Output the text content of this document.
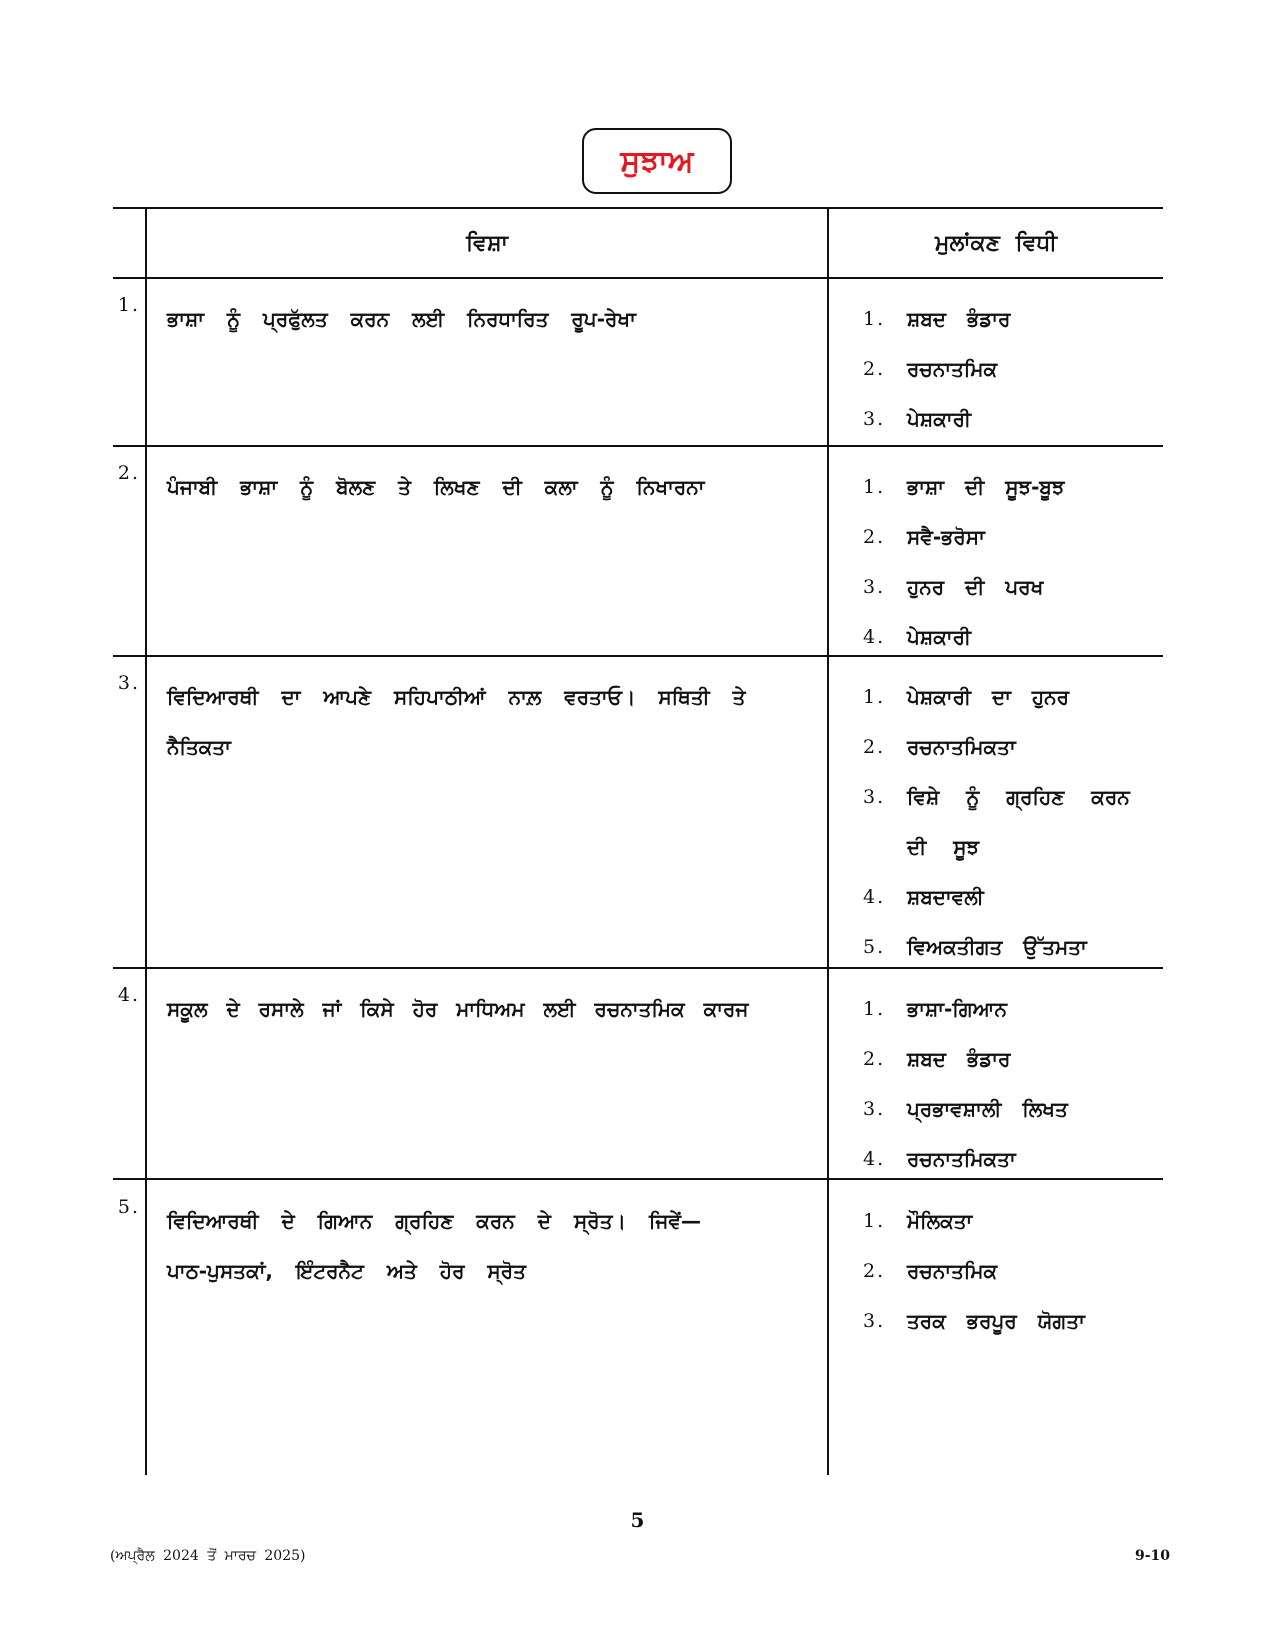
ਸੁਝਾਅ
ਵਿਸ਼ਾ	ਮੁਲਾਂਕਣ ਵਿਧੀ
1.
ਭਾਸ਼ਾ ਨੂੰ ਪ੍ਰਫੁੱਲਤ ਕਰਨ ਲਈ ਨਿਰਧਾਰਿਤ ਰੂਪ-ਰੇਖਾ	1.	ਸ਼ਬਦ ਭੰਡਾਰ
2.	ਰਚਨਾਤਮਿਕ
3.	ਪੇਸ਼ਕਾਰੀ
2.
ਪੰਜਾਬੀ ਭਾਸ਼ਾ ਨੂੰ ਬੋਲਣ ਤੇ ਲਿਖਣ ਦੀ ਕਲਾ ਨੂੰ ਨਿਖਾਰਨਾ	1.	ਭਾਸ਼ਾ ਦੀ ਸੂਝ-ਬੂਝ
2.	ਸਵੈ-ਭਰੋਸਾ
3.	ਹੁਨਰ ਦੀ ਪਰਖ
4.	ਪੇਸ਼ਕਾਰੀ
3.
ਵਿਦਿਆਰਥੀ ਦਾ ਆਪਣੇ ਸਹਿਪਾਠੀਆਂ ਨਾਲ਼ ਵਰਤਾਓ। ਸਥਿਤੀ ਤੇ ਨੈਤਿਕਤਾ
1.	ਪੇਸ਼ਕਾਰੀ ਦਾ ਹੁਨਰ
2.	ਰਚਨਾਤਮਿਕਤਾ
3.	ਵਿਸ਼ੇ ਨੂੰ ਗ੍ਰਹਿਣ ਕਰਨ ਦੀ ਸੂਝ
4.	ਸ਼ਬਦਾਵਲੀ
5.	ਵਿਅਕਤੀਗਤ ਉੱਤਮਤਾ
4.
ਸਕੂਲ ਦੇ ਰਸਾਲੇ ਜਾਂ ਕਿਸੇ ਹੋਰ ਮਾਧਿਅਮ ਲਈ ਰਚਨਾਤਮਿਕ ਕਾਰਜ	1.	ਭਾਸ਼ਾ-ਗਿਆਨ
2.	ਸ਼ਬਦ ਭੰਡਾਰ
3.	ਪ੍ਰਭਾਵਸ਼ਾਲੀ ਲਿਖਤ
4.	ਰਚਨਾਤਮਿਕਤਾ
5.
ਵਿਦਿਆਰਥੀ ਦੇ ਗਿਆਨ ਗ੍ਰਹਿਣ ਕਰਨ ਦੇ ਸ੍ਰੋਤ। ਜਿਵੇਂ— ਪਾਠ-ਪੁਸਤਕਾਂ, ਇੰਟਰਨੈਟ ਅਤੇ ਹੋਰ ਸ੍ਰੋਤ
1.	ਮੌਲਿਕਤਾ
2.	ਰਚਨਾਤਮਿਕ
3.	ਤਰਕ ਭਰਪੂਰ ਯੋਗਤਾ
5
(ਅਪ੍ਰੈਲ 2024 ਤੋਂ ਮਾਰਚ 2025)	9-10
